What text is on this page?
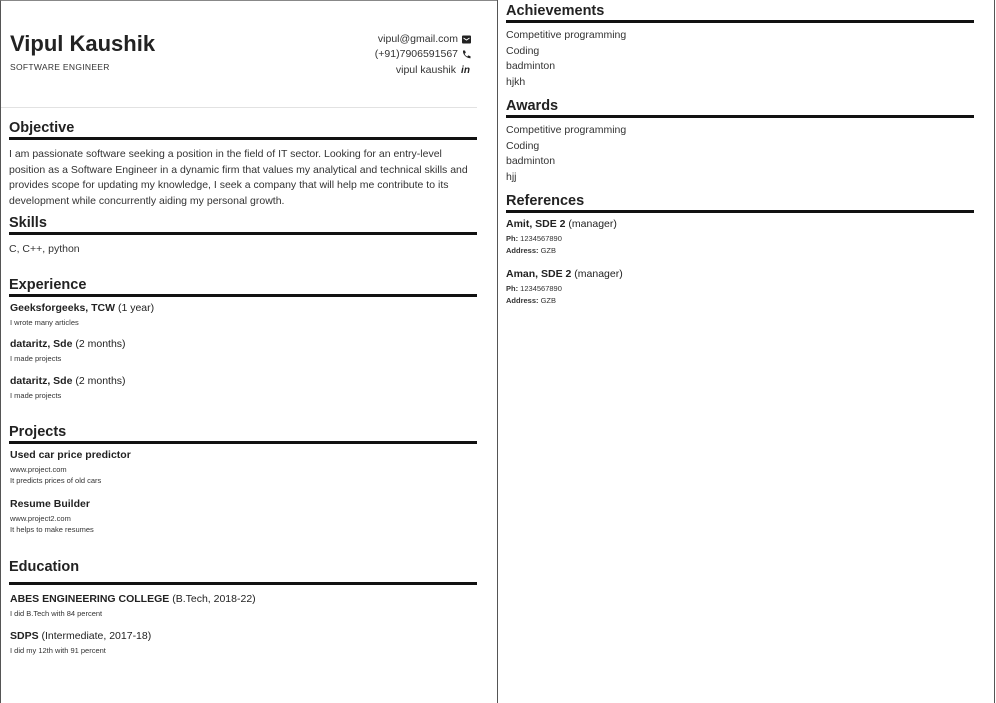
Vipul Kaushik
SOFTWARE ENGINEER
vipul@gmail.com
(+91)7906591567
vipul kaushik in
Objective
I am passionate software seeking a position in the field of IT sector. Looking for an entry-level position as a Software Engineer in a dynamic firm that values my analytical and technical skills and provides scope for updating my knowledge, I seek a company that will help me contribute to its development while concurrently aiding my personal growth.
Skills
C, C++, python
Experience
Geeksforgeeks, TCW (1 year)
I wrote many articles
dataritz, Sde (2 months)
I made projects
dataritz, Sde (2 months)
I made projects
Projects
Used car price predictor
www.project.com
It predicts prices of old cars
Resume Builder
www.project2.com
It helps to make resumes
Education
ABES ENGINEERING COLLEGE (B.Tech, 2018-22)
I did B.Tech with 84 percent
SDPS (Intermediate, 2017-18)
I did my 12th with 91 percent
Achievements
Competitive programming
Coding
badminton
hjkh
Awards
Competitive programming
Coding
badminton
hjj
References
Amit, SDE 2 (manager)
Ph: 1234567890
Address: GZB
Aman, SDE 2 (manager)
Ph: 1234567890
Address: GZB
